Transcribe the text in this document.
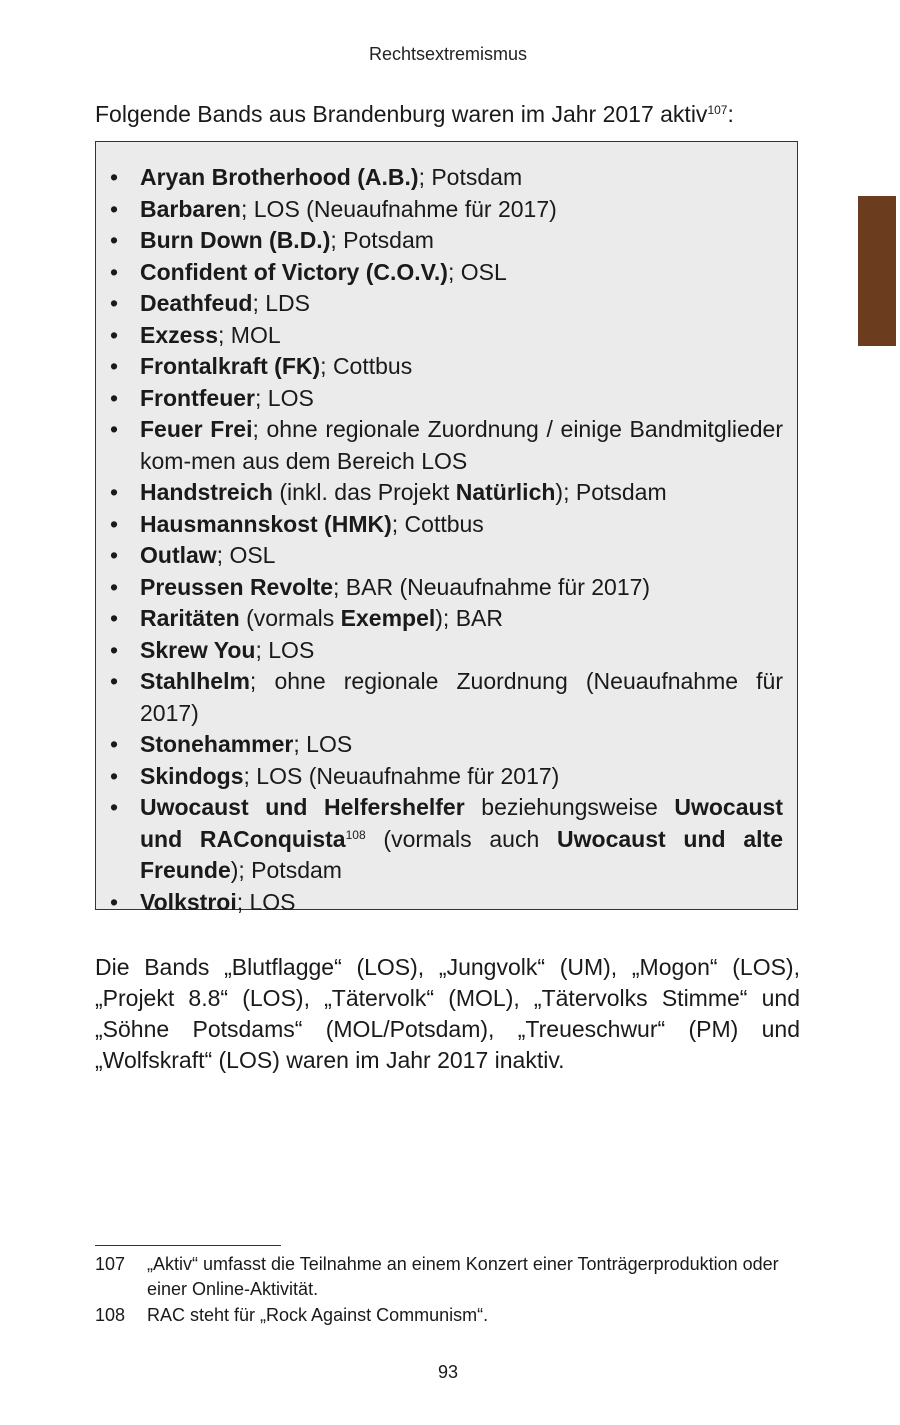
Rechtsextremismus

Folgende Bands aus Brandenburg waren im Jahr 2017 aktiv$^{107}$:

• Aryan Brotherhood (A.B.); Potsdam
• Barbaren; LOS (Neuaufnahme für 2017)
• Burn Down (B.D.); Potsdam
• Confident of Victory (C.O.V.); OSL
• Deathfeud; LDS
• Exzess; MOL
• Frontalkraft (FK); Cottbus
• Frontfeuer; LOS
• Feuer Frei; ohne regionale Zuordnung / einige Bandmitglieder kom-men aus dem Bereich LOS
• Handstreich (inkl. das Projekt Natürlich); Potsdam
• Hausmannskost (HMK); Cottbus
• Outlaw; OSL
• Preussen Revolte; BAR (Neuaufnahme für 2017)
• Raritäten (vormals Exempel); BAR
• Skrew You; LOS
• Stahlhelm; ohne regionale Zuordnung (Neuaufnahme für 2017)
• Stonehammer; LOS
• Skindogs; LOS (Neuaufnahme für 2017)
• Uwocaust und Helfershelfer beziehungsweise Uwocaust und RAConquista$^{108}$ (vormals auch Uwocaust und alte Freunde); Potsdam
• Volkstroi; LOS

Die Bands „Blutflagge“ (LOS), „Jungvolk“ (UM), „Mogon“ (LOS), „Projekt 8.8“ (LOS), „Tätervolk“ (MOL), „Tätervolks Stimme“ und „Söhne Potsdams“ (MOL/Potsdam), „Treueschwur“ (PM) und „Wolfskraft“ (LOS) waren im Jahr 2017 inaktiv.

107 „Aktiv“ umfasst die Teilnahme an einem Konzert einer Tonträgerproduktion oder einer Online-Aktivität.
108 RAC steht für „Rock Against Communism“.
93
